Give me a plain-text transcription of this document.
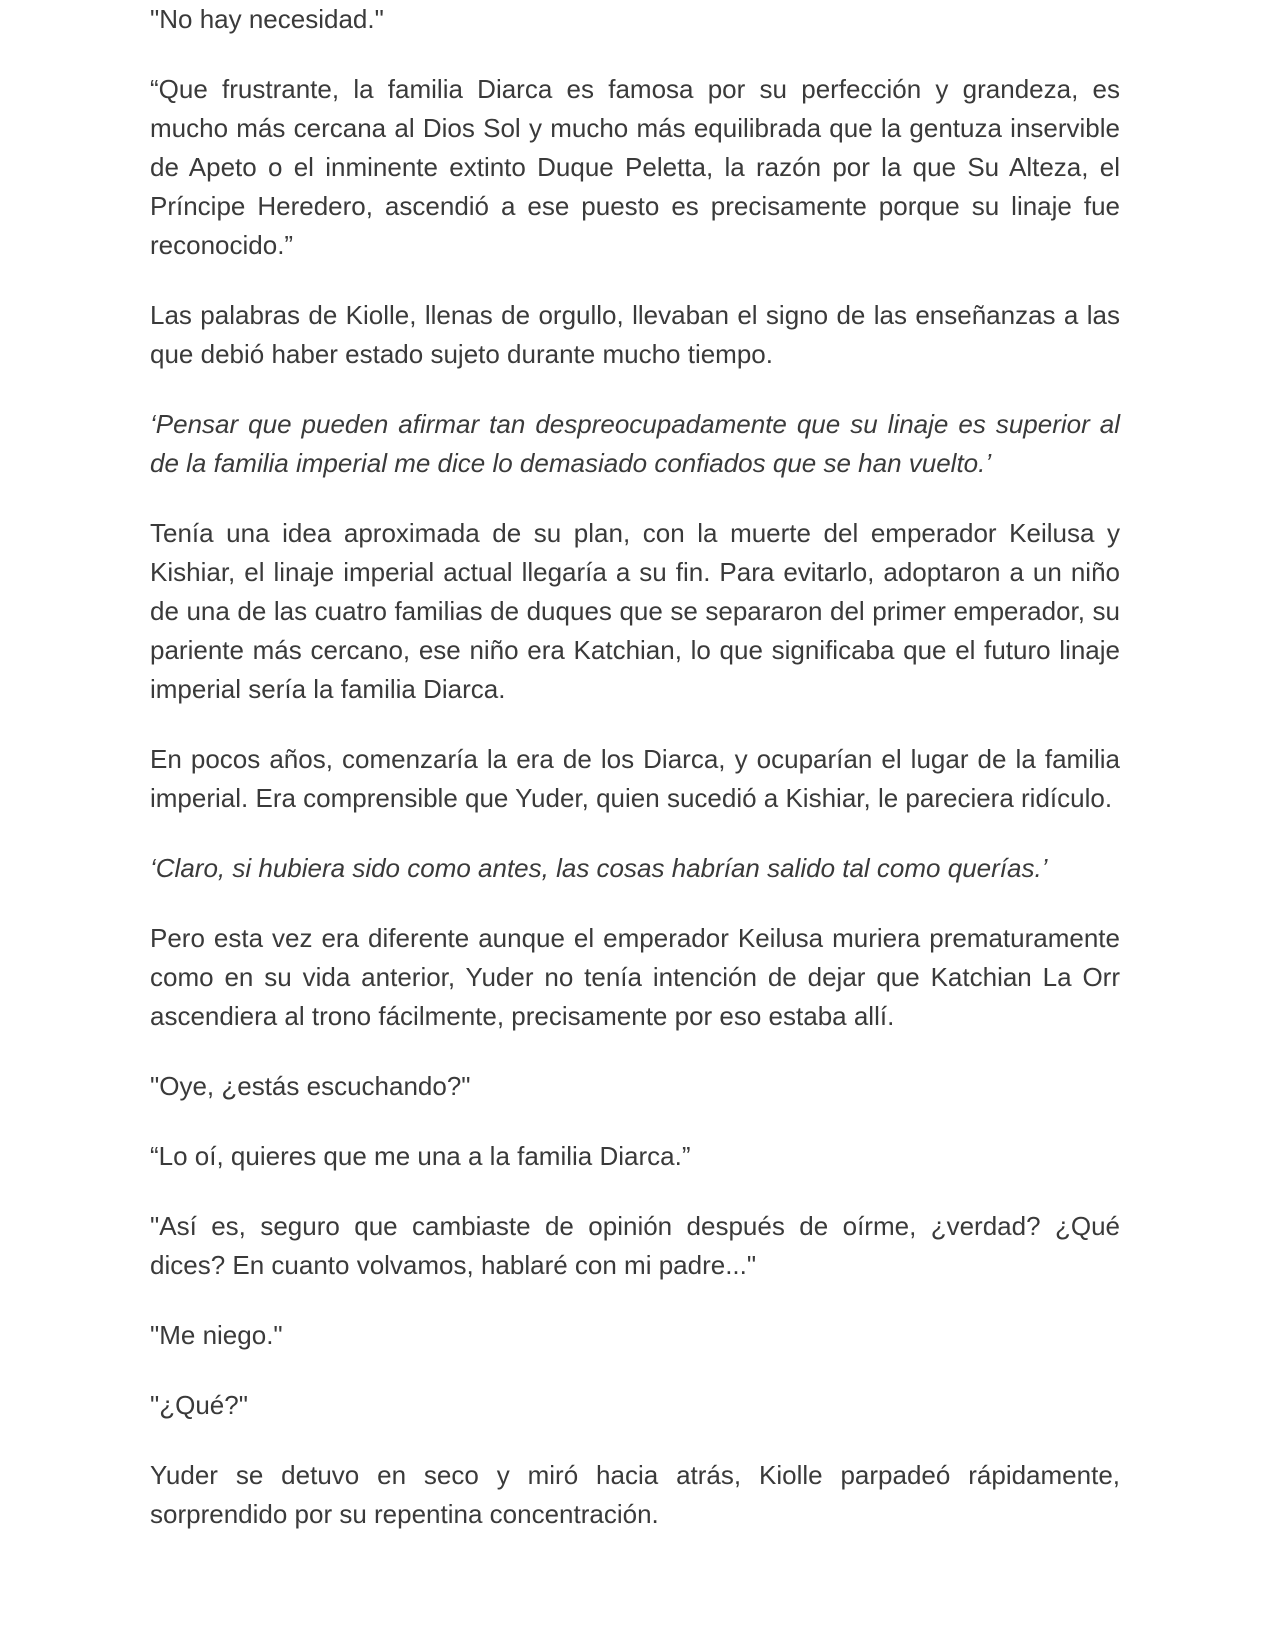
"No hay necesidad."

“Que frustrante, la familia Diarca es famosa por su perfección y grandeza, es mucho más cercana al Dios Sol y mucho más equilibrada que la gentuza inservible de Apeto o el inminente extinto Duque Peletta, la razón por la que Su Alteza, el Príncipe Heredero, ascendió a ese puesto es precisamente porque su linaje fue reconocido.”

Las palabras de Kiolle, llenas de orgullo, llevaban el signo de las enseñanzas a las que debió haber estado sujeto durante mucho tiempo.

‘Pensar que pueden afirmar tan despreocupadamente que su linaje es superior al de la familia imperial me dice lo demasiado confiados que se han vuelto.’

Tenía una idea aproximada de su plan, con la muerte del emperador Keilusa y Kishiar, el linaje imperial actual llegaría a su fin. Para evitarlo, adoptaron a un niño de una de las cuatro familias de duques que se separaron del primer emperador, su pariente más cercano, ese niño era Katchian, lo que significaba que el futuro linaje imperial sería la familia Diarca.

En pocos años, comenzaría la era de los Diarca, y ocuparían el lugar de la familia imperial. Era comprensible que Yuder, quien sucedió a Kishiar, le pareciera ridículo.

‘Claro, si hubiera sido como antes, las cosas habrían salido tal como querías.’

Pero esta vez era diferente aunque el emperador Keilusa muriera prematuramente como en su vida anterior, Yuder no tenía intención de dejar que Katchian La Orr ascendiera al trono fácilmente, precisamente por eso estaba allí.

"Oye, ¿estás escuchando?"

“Lo oí, quieres que me una a la familia Diarca.”

"Así es, seguro que cambiaste de opinión después de oírme, ¿verdad? ¿Qué dices? En cuanto volvamos, hablaré con mi padre..."

"Me niego."

"¿Qué?"

Yuder se detuvo en seco y miró hacia atrás, Kiolle parpadeó rápidamente, sorprendido por su repentina concentración.
